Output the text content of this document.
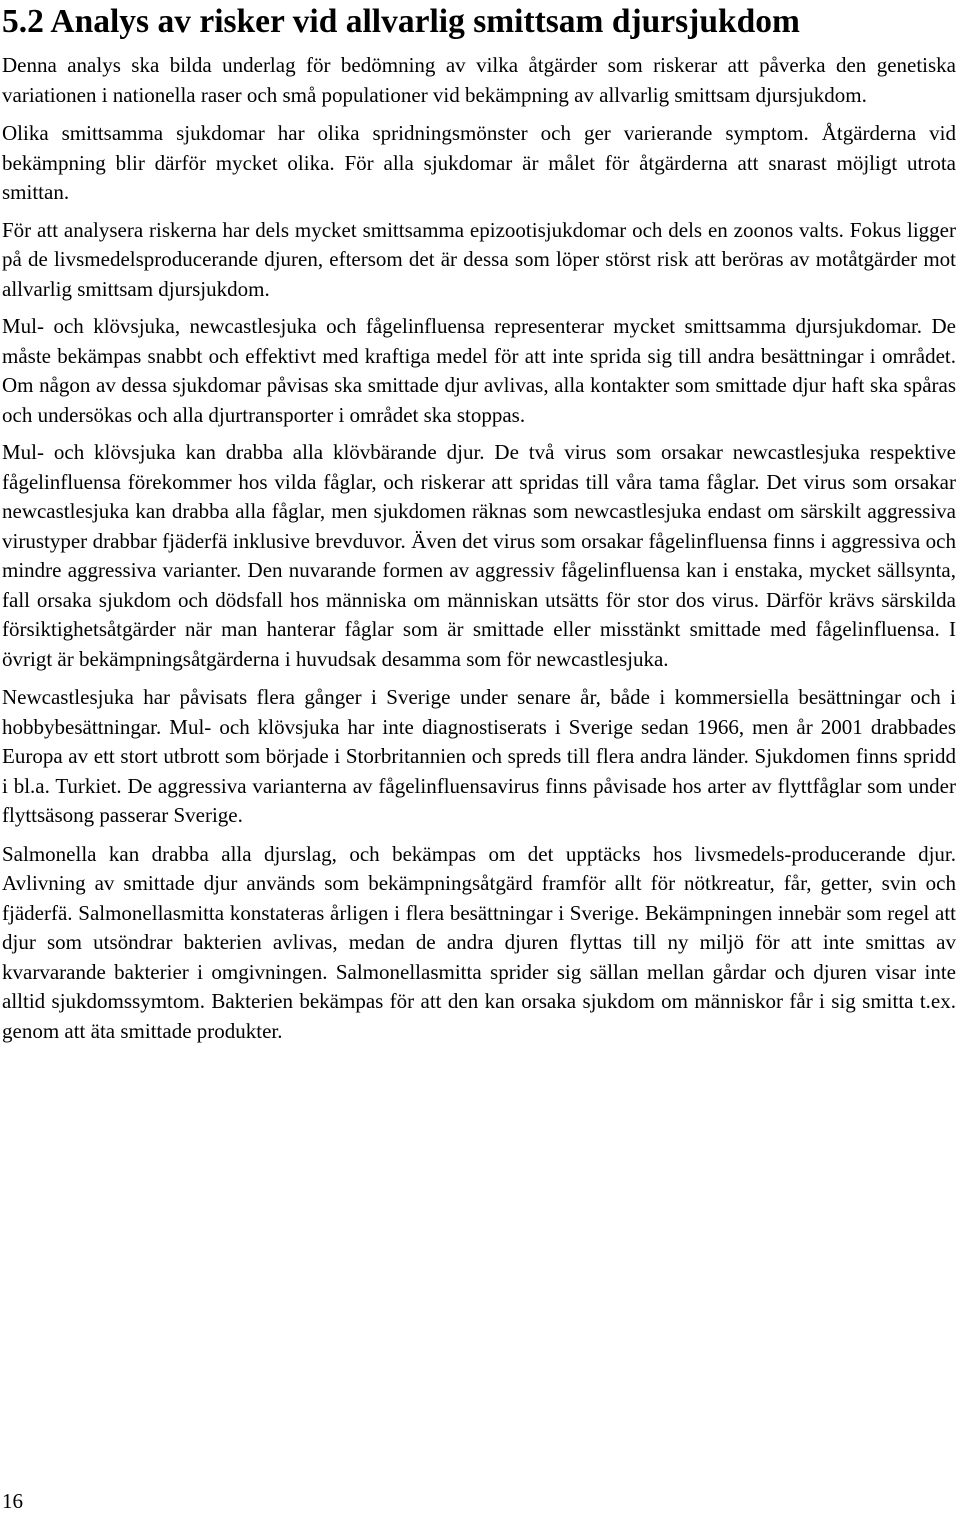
5.2 Analys av risker vid allvarlig smittsam djursjukdom

Denna analys ska bilda underlag för bedömning av vilka åtgärder som riskerar att påverka den genetiska variationen i nationella raser och små populationer vid bekämpning av allvarlig smittsam djursjukdom.

Olika smittsamma sjukdomar har olika spridningsmönster och ger varierande symptom. Åtgärderna vid bekämpning blir därför mycket olika. För alla sjukdomar är målet för åtgärderna att snarast möjligt utrota smittan.

För att analysera riskerna har dels mycket smittsamma epizootisjukdomar och dels en zoonos valts. Fokus ligger på de livsmedelsproducerande djuren, eftersom det är dessa som löper störst risk att beröras av motåtgärder mot allvarlig smittsam djursjukdom.

Mul- och klövsjuka, newcastlesjuka och fågelinfluensa representerar mycket smittsamma djursjukdomar. De måste bekämpas snabbt och effektivt med kraftiga medel för att inte sprida sig till andra besättningar i området. Om någon av dessa sjukdomar påvisas ska smittade djur avlivas, alla kontakter som smittade djur haft ska spåras och undersökas och alla djurtransporter i området ska stoppas.

Mul- och klövsjuka kan drabba alla klövbärande djur. De två virus som orsakar newcastlesjuka respektive fågelinfluensa förekommer hos vilda fåglar, och riskerar att spridas till våra tama fåglar. Det virus som orsakar newcastlesjuka kan drabba alla fåglar, men sjukdomen räknas som newcastlesjuka endast om särskilt aggressiva virustyper drabbar fjäderfä inklusive brevduvor. Även det virus som orsakar fågelinfluensa finns i aggressiva och mindre aggressiva varianter. Den nuvarande formen av aggressiv fågelinfluensa kan i enstaka, mycket sällsynta, fall orsaka sjukdom och dödsfall hos människa om människan utsätts för stor dos virus. Därför krävs särskilda försiktighetsåtgärder när man hanterar fåglar som är smittade eller misstänkt smittade med fågelinfluensa. I övrigt är bekämpningsåtgärderna i huvudsak desamma som för newcastlesjuka.

Newcastlesjuka har påvisats flera gånger i Sverige under senare år, både i kommersiella besättningar och i hobbybesättningar. Mul- och klövsjuka har inte diagnostiserats i Sverige sedan 1966, men år 2001 drabbades Europa av ett stort utbrott som började i Storbritannien och spreds till flera andra länder. Sjukdomen finns spridd i bl.a. Turkiet. De aggressiva varianterna av fågelinfluensavirus finns påvisade hos arter av flyttfåglar som under flyttsäsong passerar Sverige.

Salmonella kan drabba alla djurslag, och bekämpas om det upptäcks hos livsmedels-producerande djur. Avlivning av smittade djur används som bekämpningsåtgärd framför allt för nötkreatur, får, getter, svin och fjäderfä. Salmonellasmitta konstateras årligen i flera besättningar i Sverige. Bekämpningen innebär som regel att djur som utsöndrar bakterien avlivas, medan de andra djuren flyttas till ny miljö för att inte smittas av kvarvarande bakterier i omgivningen. Salmonellasmitta sprider sig sällan mellan gårdar och djuren visar inte alltid sjukdomssymtom. Bakterien bekämpas för att den kan orsaka sjukdom om människor får i sig smitta t.ex. genom att äta smittade produkter.

16
